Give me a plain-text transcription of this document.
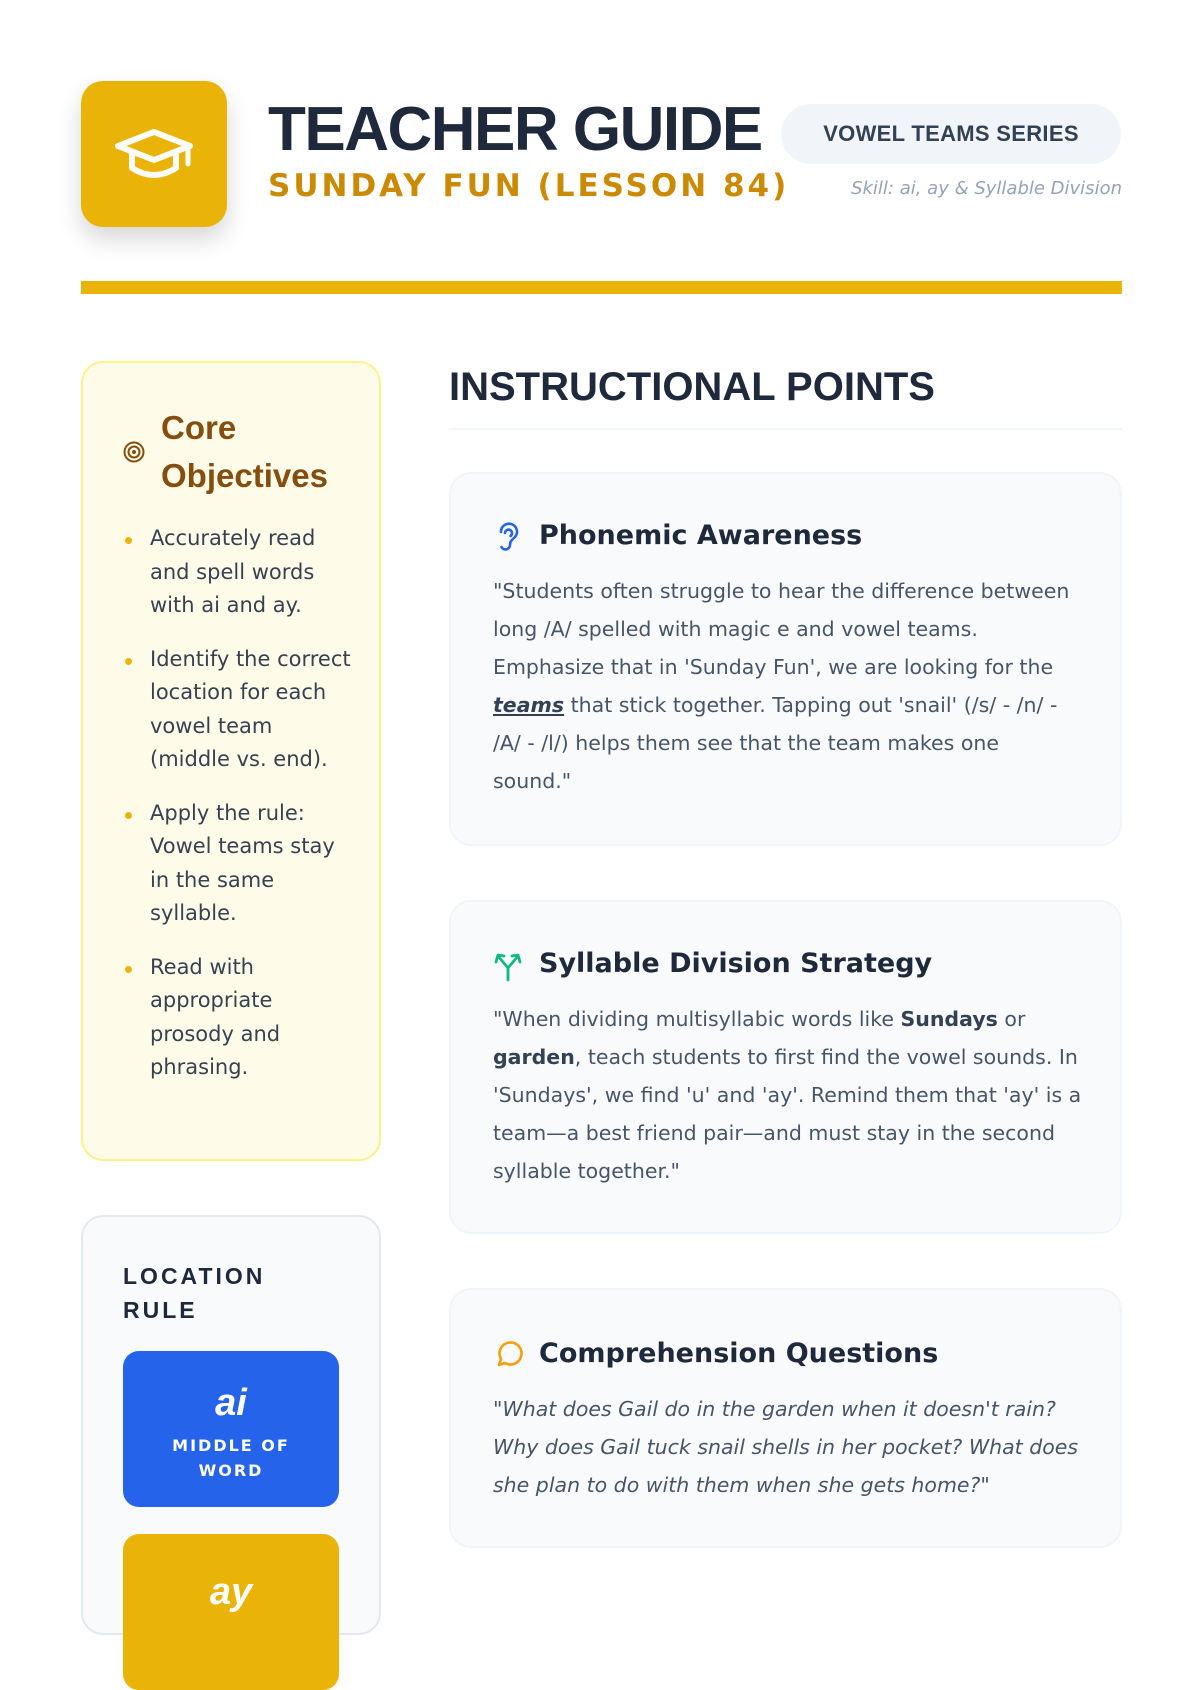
TEACHER GUIDE
SUNDAY FUN (LESSON 84)
VOWEL TEAMS SERIES

Skill: ai, ay & Syllable Division

Core Objectives
Accurately read and spell words with ai and ay.
Identify the correct location for each vowel team (middle vs. end).
Apply the rule: Vowel teams stay in the same syllable.
Read with appropriate prosody and phrasing.
LOCATION RULE
ai
MIDDLE OF WORD
ay
INSTRUCTIONAL POINTS
Phonemic Awareness

"Students often struggle to hear the difference between long /A/ spelled with magic e and vowel teams. Emphasize that in 'Sunday Fun', we are looking for the teams that stick together. Tapping out 'snail' (/s/ - /n/ - /A/ - /l/) helps them see that the team makes one sound."

Syllable Division Strategy

"When dividing multisyllabic words like Sundays or garden, teach students to first find the vowel sounds. In 'Sundays', we find 'u' and 'ay'. Remind them that 'ay' is a team—a best friend pair—and must stay in the second syllable together."

Comprehension Questions

"What does Gail do in the garden when it doesn't rain? Why does Gail tuck snail shells in her pocket? What does she plan to do with them when she gets home?"
